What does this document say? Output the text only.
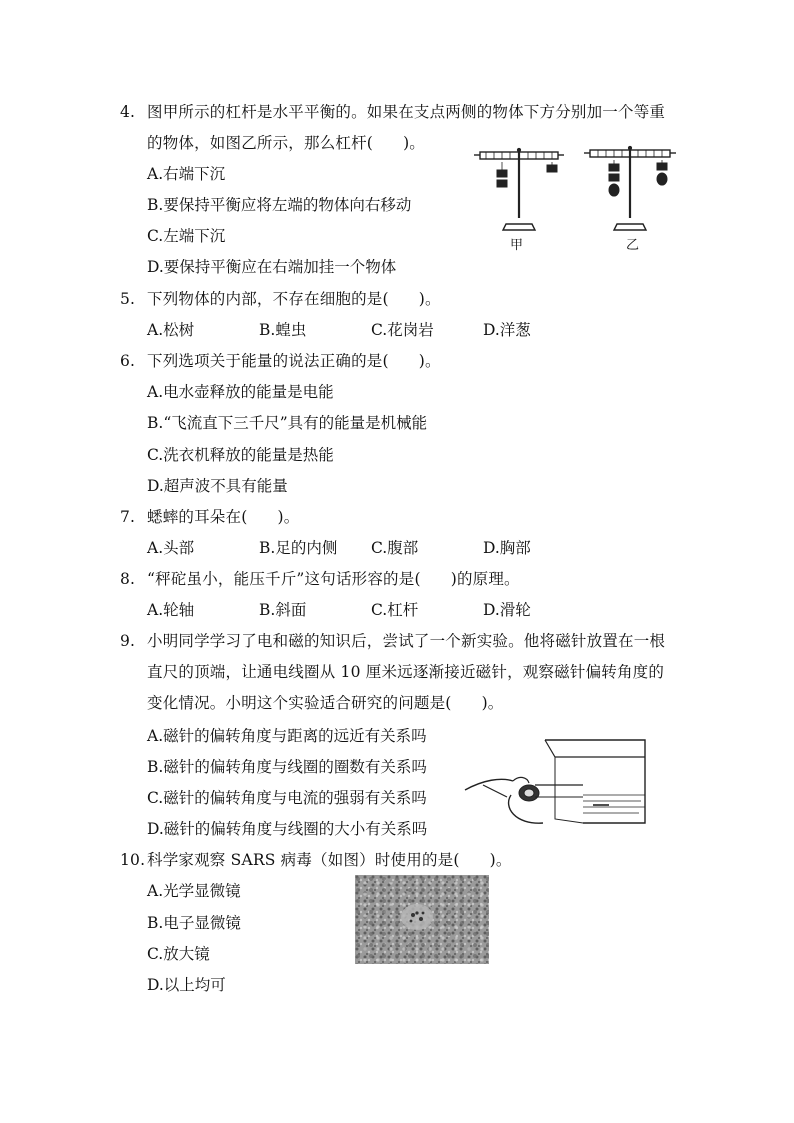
4. 图甲所示的杠杆是水平平衡的。如果在支点两侧的物体下方分别加一个等重
的物体，如图乙所示，那么杠杆( )。
A.右端下沉
B.要保持平衡应将左端的物体向右移动
C.左端下沉
D.要保持平衡应在右端加挂一个物体
甲	乙
5. 下列物体的内部，不存在细胞的是( )。
A.松树	B.蝗虫	C.花岗岩	D.洋葱
6. 下列选项关于能量的说法正确的是( )。
A.电水壶释放的能量是电能
B.“飞流直下三千尺”具有的能量是机械能
C.洗衣机释放的能量是热能
D.超声波不具有能量
7. 蟋蟀的耳朵在( )。
A.头部	B.足的内侧 C.腹部	D.胸部
8. “秤砣虽小，能压千斤”这句话形容的是( )的原理。
A.轮轴	B.斜面	C.杠杆	D.滑轮
9. 小明同学学习了电和磁的知识后，尝试了一个新实验。他将磁针放置在一根
直尺的顶端，让通电线圈从 10 厘米远逐渐接近磁针，观察磁针偏转角度的
变化情况。小明这个实验适合研究的问题是( )。
A.磁针的偏转角度与距离的远近有关系吗
B.磁针的偏转角度与线圈的圈数有关系吗
C.磁针的偏转角度与电流的强弱有关系吗
D.磁针的偏转角度与线圈的大小有关系吗
10. 科学家观察 SARS 病毒（如图）时使用的是( )。
A.光学显微镜
B.电子显微镜
C.放大镜
D.以上均可
